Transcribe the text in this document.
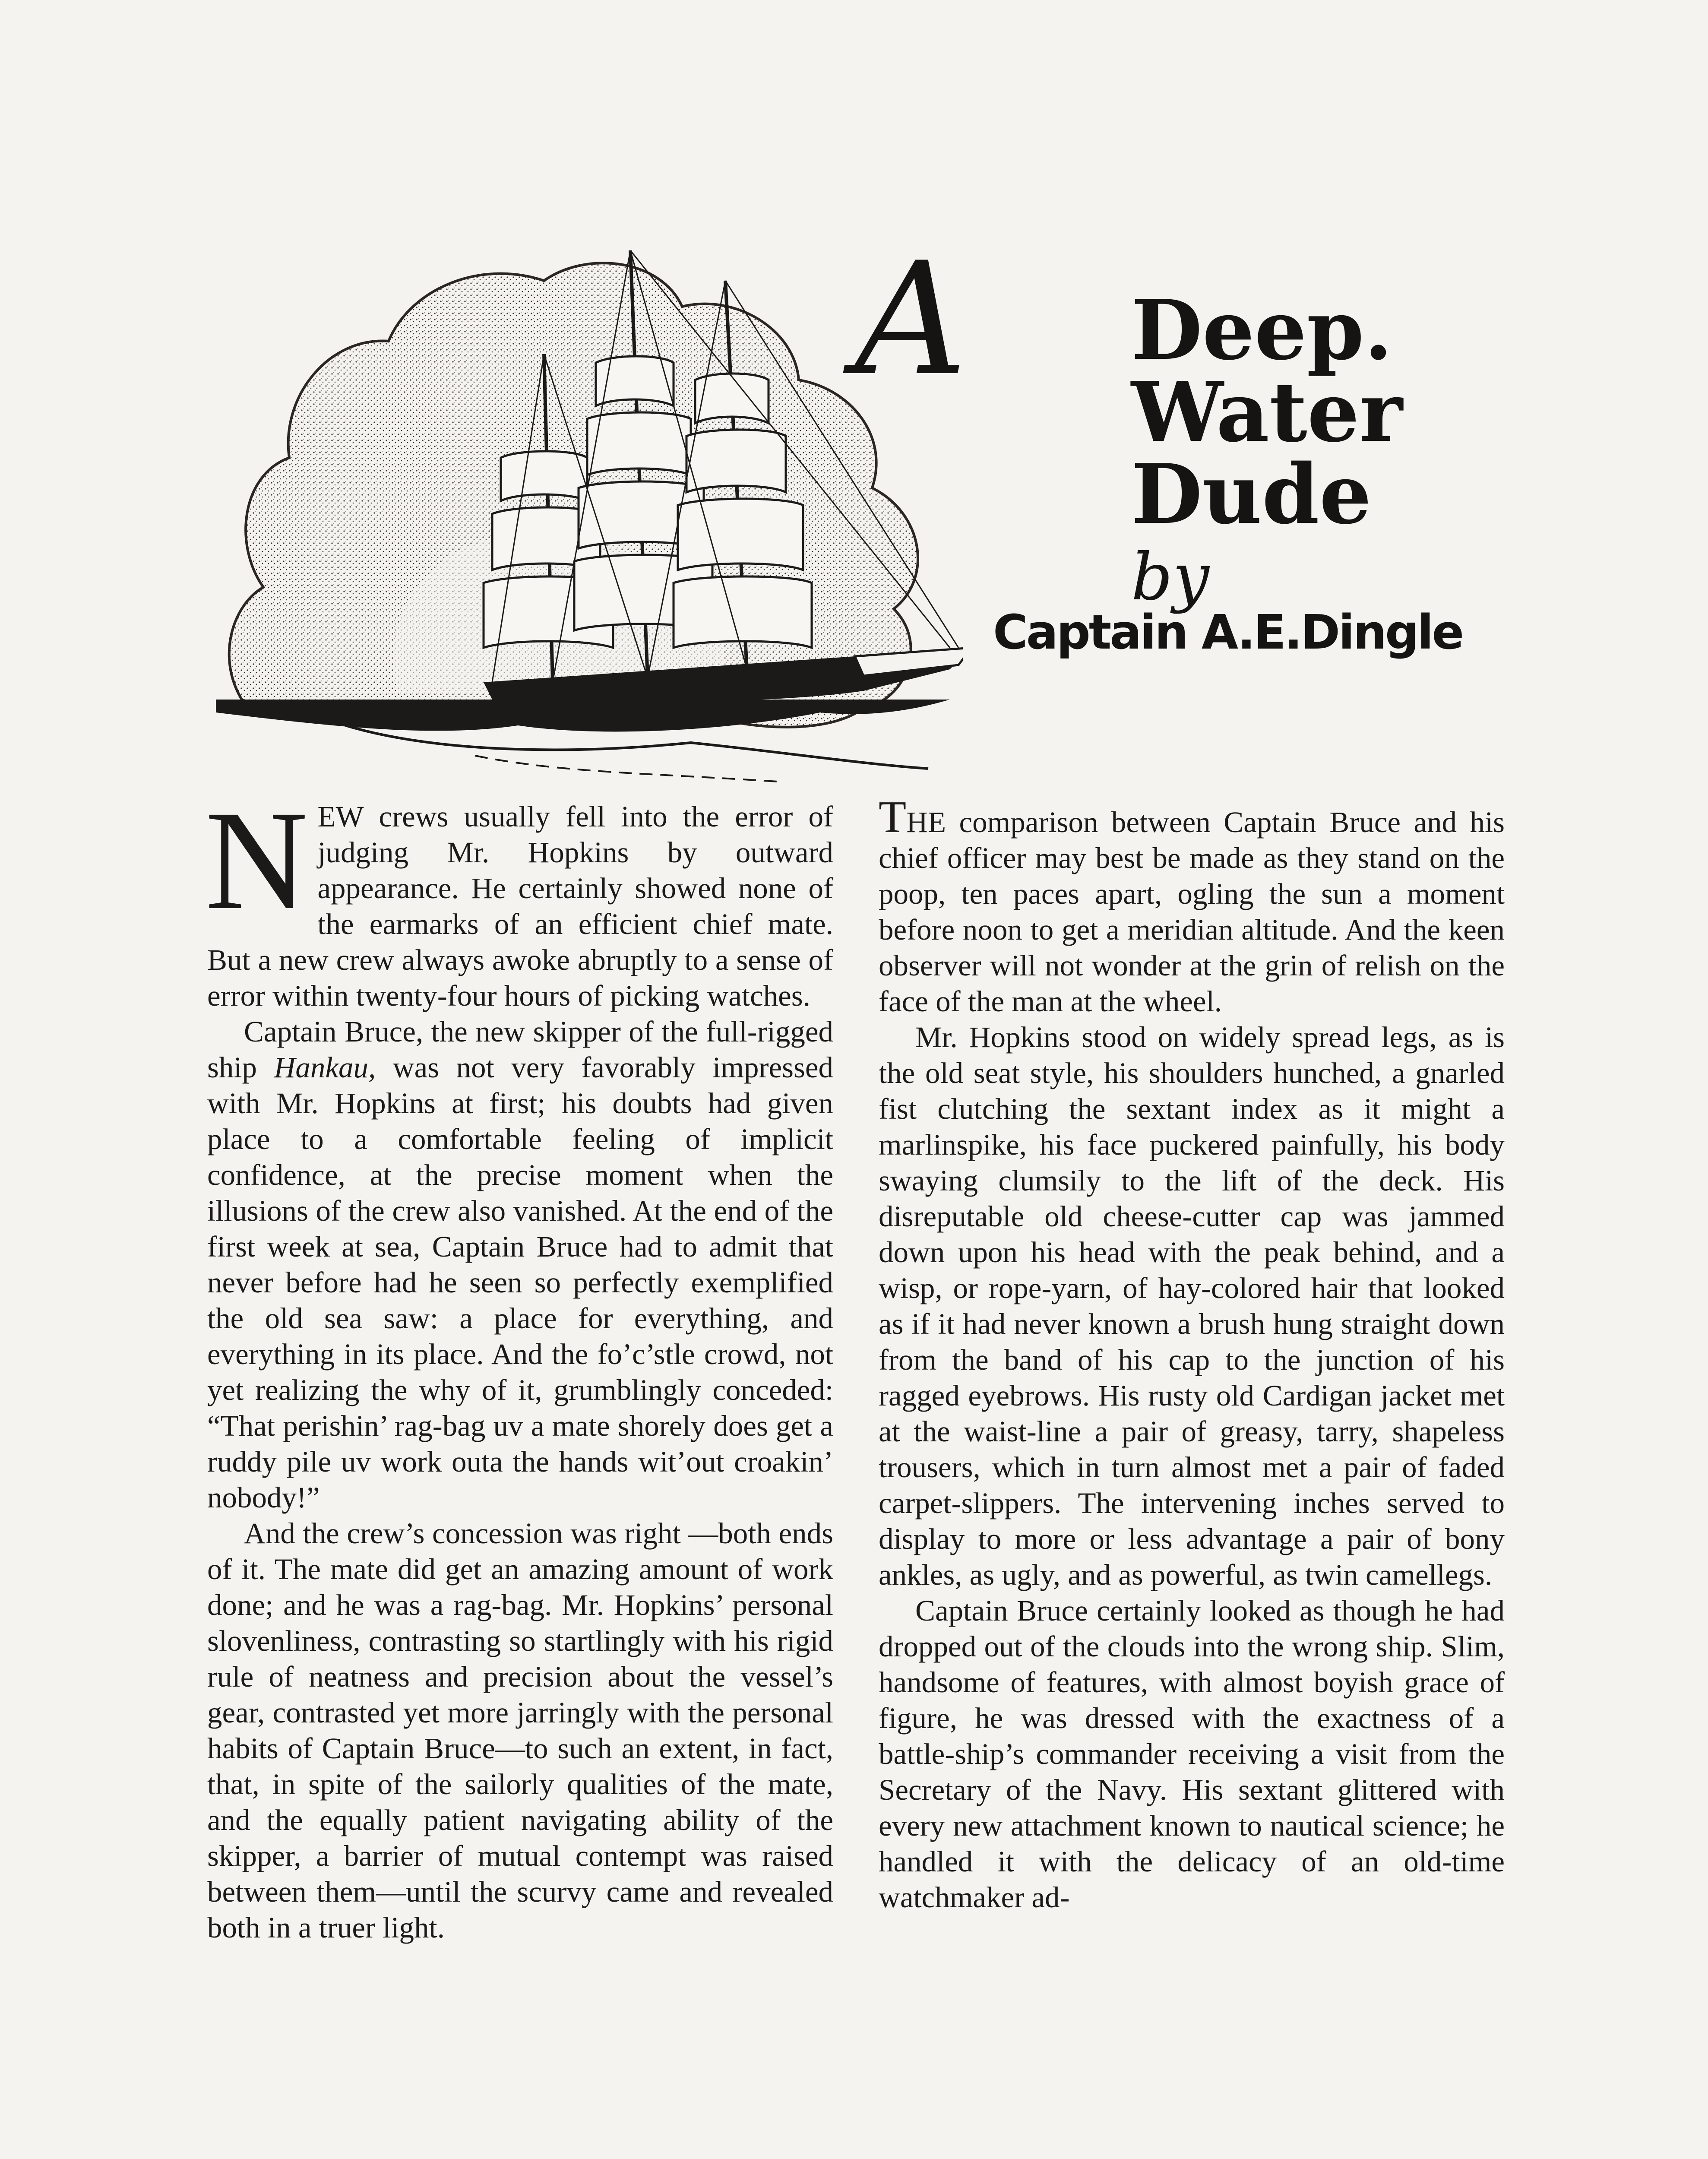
A Deep.
Water
Dude
by
Captain A.E.Dingle

NEW crews usually fell into the error of judging Mr. Hopkins by outward appearance. He certainly showed none of the earmarks of an efficient chief mate. But a new crew always awoke abruptly to a sense of error within twenty-four hours of picking watches.

Captain Bruce, the new skipper of the full-rigged ship Hankau, was not very favorably impressed with Mr. Hopkins at first; his doubts had given place to a comfortable feeling of implicit confidence, at the precise moment when the illusions of the crew also vanished. At the end of the first week at sea, Captain Bruce had to admit that never before had he seen so perfectly exemplified the old sea saw: a place for everything, and everything in its place. And the fo’c’stle crowd, not yet realizing the why of it, grumblingly conceded: “That perishin’ rag-bag uv a mate shorely does get a ruddy pile uv work outa the hands wit’out croakin’ nobody!”

And the crew’s concession was right —both ends of it. The mate did get an amazing amount of work done; and he was a rag-bag. Mr. Hopkins’ personal slovenliness, contrasting so startlingly with his rigid rule of neatness and precision about the vessel’s gear, contrasted yet more jarringly with the personal habits of Captain Bruce—to such an extent, in fact, that, in spite of the sailorly qualities of the mate, and the equally patient navigating ability of the skipper, a barrier of mutual contempt was raised between them—until the scurvy came and revealed both in a truer light.

THE comparison between Captain Bruce and his chief officer may best be made as they stand on the poop, ten paces apart, ogling the sun a moment before noon to get a meridian altitude. And the keen observer will not wonder at the grin of relish on the face of the man at the wheel.

Mr. Hopkins stood on widely spread legs, as is the old seat style, his shoulders hunched, a gnarled fist clutching the sextant index as it might a marlinspike, his face puckered painfully, his body swaying clumsily to the lift of the deck. His disreputable old cheese-cutter cap was jammed down upon his head with the peak behind, and a wisp, or rope-yarn, of hay-colored hair that looked as if it had never known a brush hung straight down from the band of his cap to the junction of his ragged eyebrows. His rusty old Cardigan jacket met at the waist-line a pair of greasy, tarry, shapeless trousers, which in turn almost met a pair of faded carpet-slippers. The intervening inches served to display to more or less advantage a pair of bony ankles, as ugly, and as powerful, as twin camellegs.

Captain Bruce certainly looked as though he had dropped out of the clouds into the wrong ship. Slim, handsome of features, with almost boyish grace of figure, he was dressed with the exactness of a battle-ship’s commander receiving a visit from the Secretary of the Navy. His sextant glittered with every new attachment known to nautical science; he handled it with the delicacy of an old-time watchmaker ad-
